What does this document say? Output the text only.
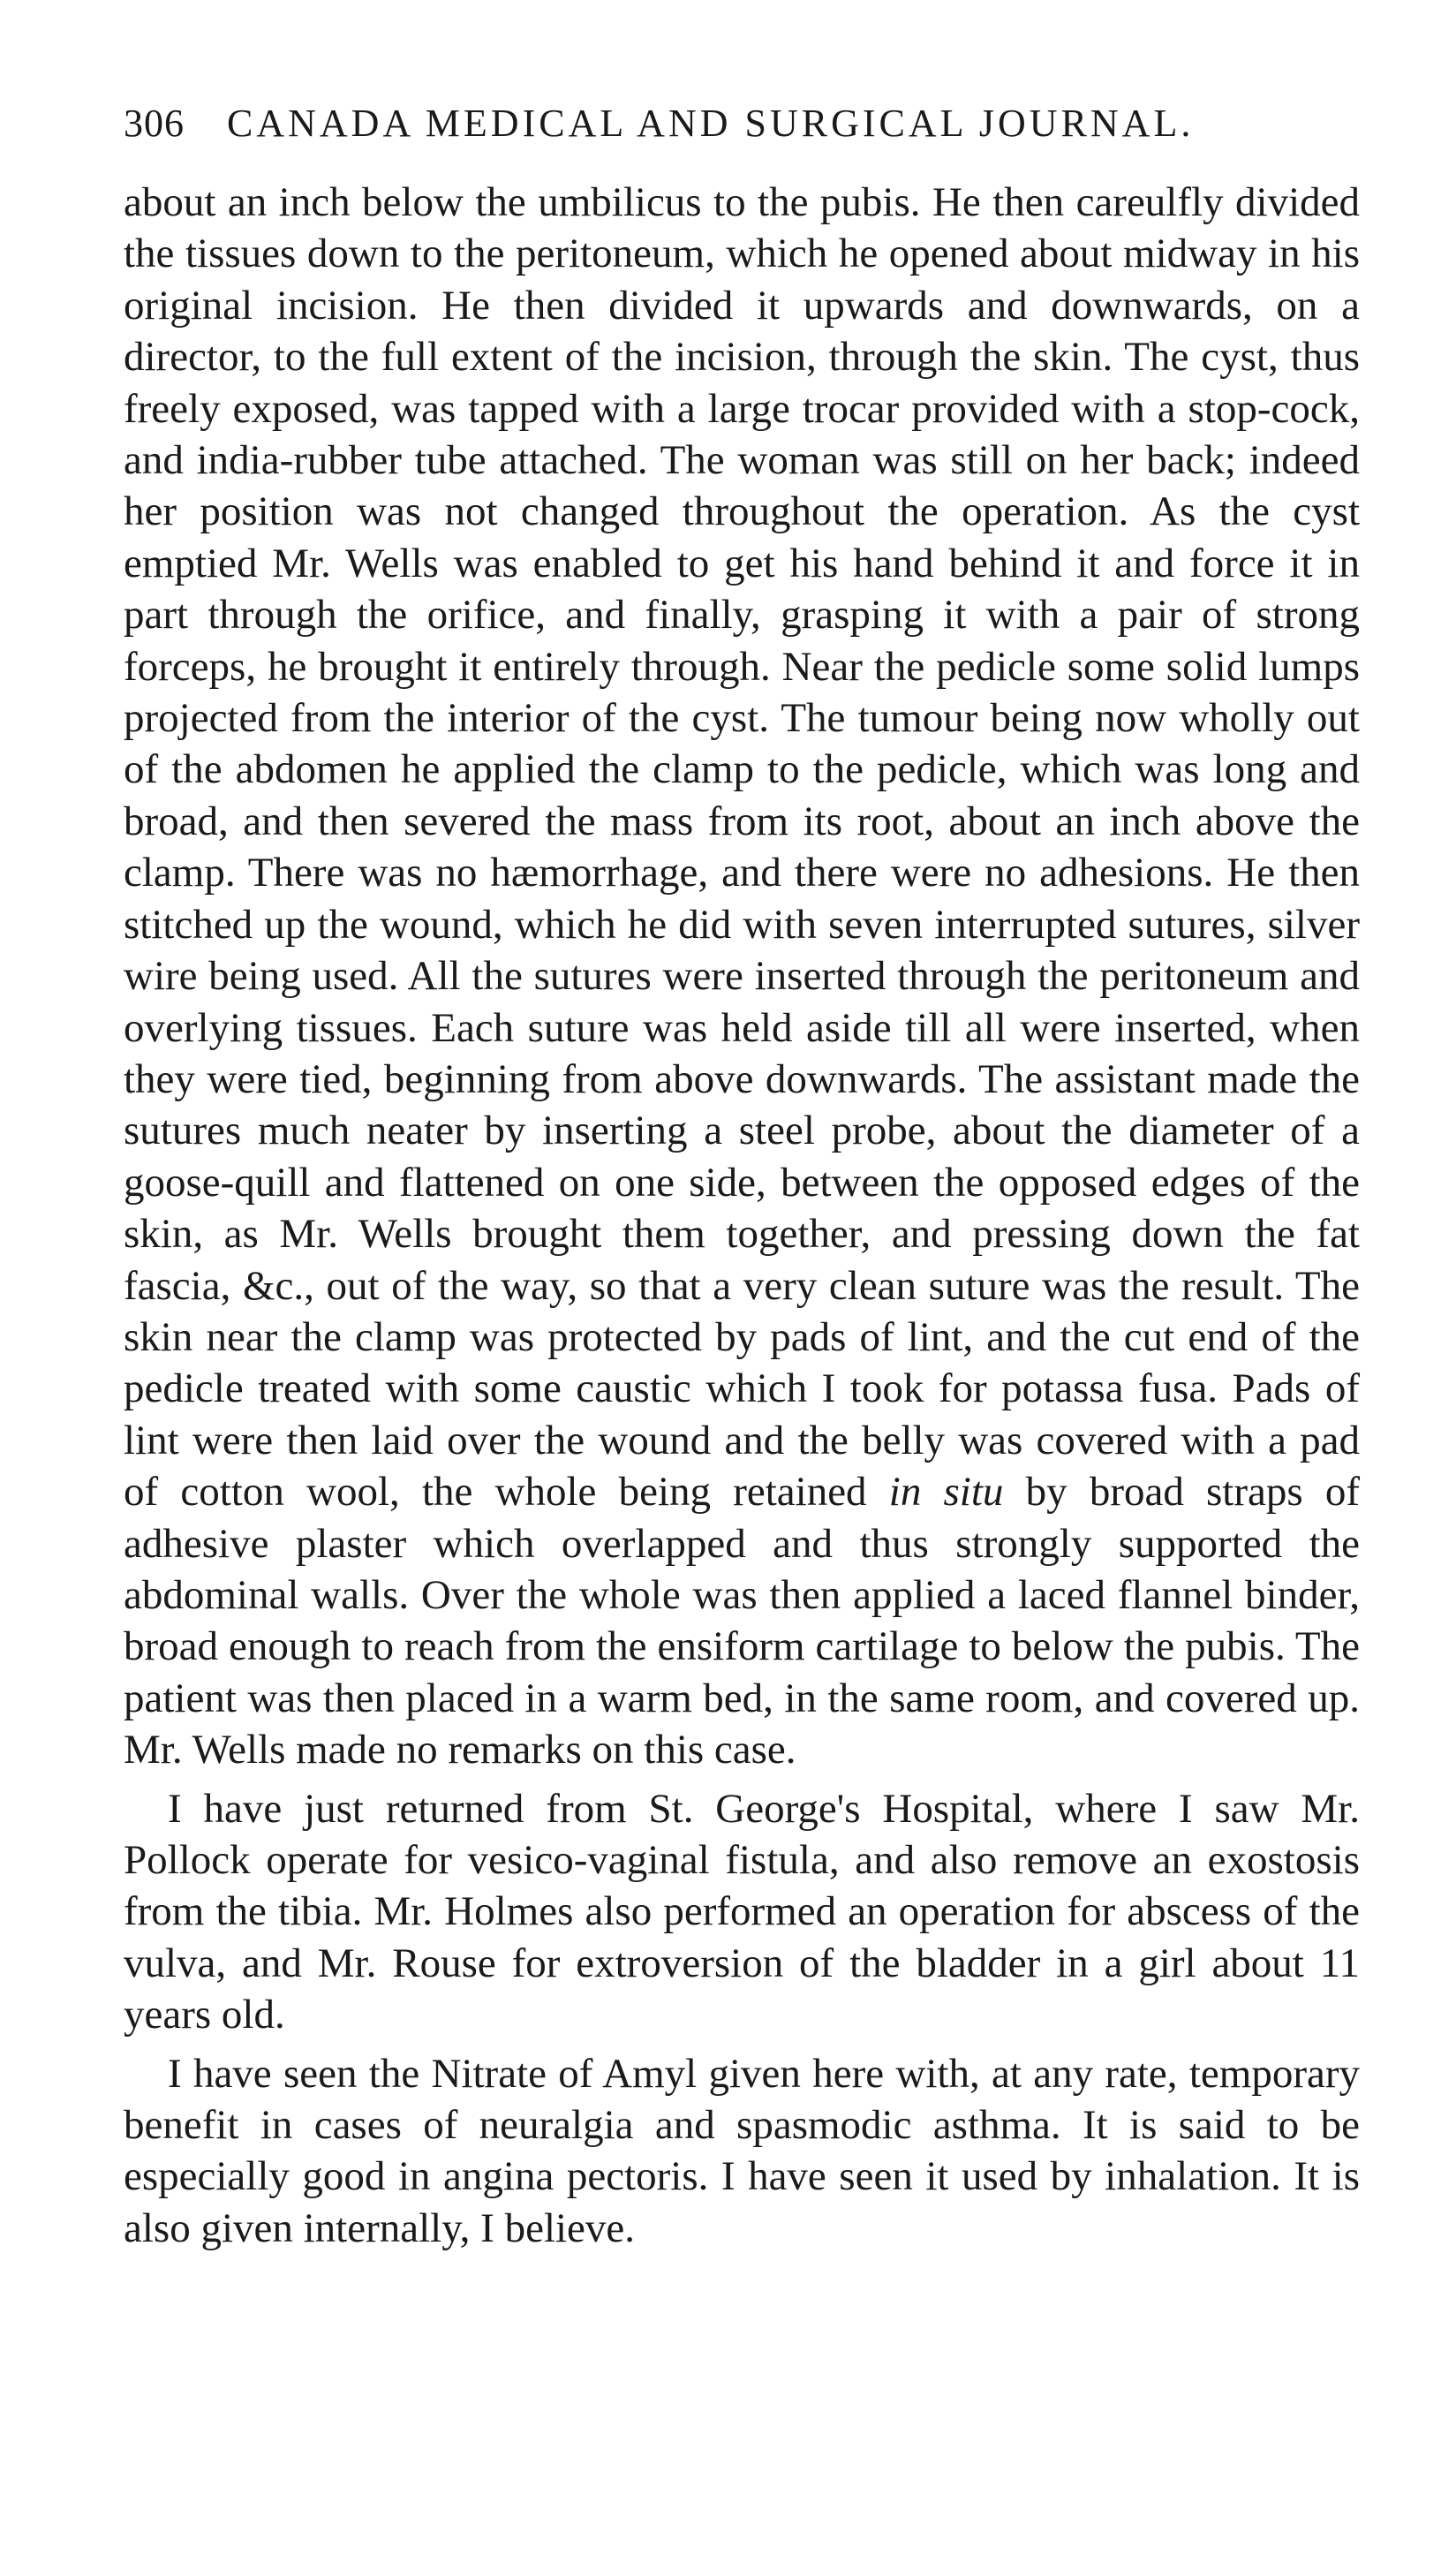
306 CANADA MEDICAL AND SURGICAL JOURNAL.

about an inch below the umbilicus to the pubis. He then careulfly divided the tissues down to the peritoneum, which he opened about midway in his original incision. He then divided it upwards and downwards, on a director, to the full extent of the incision, through the skin. The cyst, thus freely exposed, was tapped with a large trocar provided with a stop-cock, and india-rubber tube attached. The woman was still on her back; indeed her position was not changed throughout the operation. As the cyst emptied Mr. Wells was enabled to get his hand behind it and force it in part through the orifice, and finally, grasping it with a pair of strong forceps, he brought it entirely through. Near the pedicle some solid lumps projected from the interior of the cyst. The tumour being now wholly out of the abdomen he applied the clamp to the pedicle, which was long and broad, and then severed the mass from its root, about an inch above the clamp. There was no hæmorrhage, and there were no adhesions. He then stitched up the wound, which he did with seven interrupted sutures, silver wire being used. All the sutures were inserted through the peritoneum and overlying tissues. Each suture was held aside till all were inserted, when they were tied, beginning from above downwards. The assistant made the sutures much neater by inserting a steel probe, about the diameter of a goose-quill and flattened on one side, between the opposed edges of the skin, as Mr. Wells brought them together, and pressing down the fat fascia, &c., out of the way, so that a very clean suture was the result. The skin near the clamp was protected by pads of lint, and the cut end of the pedicle treated with some caustic which I took for potassa fusa. Pads of lint were then laid over the wound and the belly was covered with a pad of cotton wool, the whole being retained in situ by broad straps of adhesive plaster which overlapped and thus strongly supported the abdominal walls. Over the whole was then applied a laced flannel binder, broad enough to reach from the ensiform cartilage to below the pubis. The patient was then placed in a warm bed, in the same room, and covered up. Mr. Wells made no remarks on this case.

I have just returned from St. George's Hospital, where I saw Mr. Pollock operate for vesico-vaginal fistula, and also remove an exostosis from the tibia. Mr. Holmes also performed an operation for abscess of the vulva, and Mr. Rouse for extroversion of the bladder in a girl about 11 years old.

I have seen the Nitrate of Amyl given here with, at any rate, temporary benefit in cases of neuralgia and spasmodic asthma. It is said to be especially good in angina pectoris. I have seen it used by inhalation. It is also given internally, I believe.
